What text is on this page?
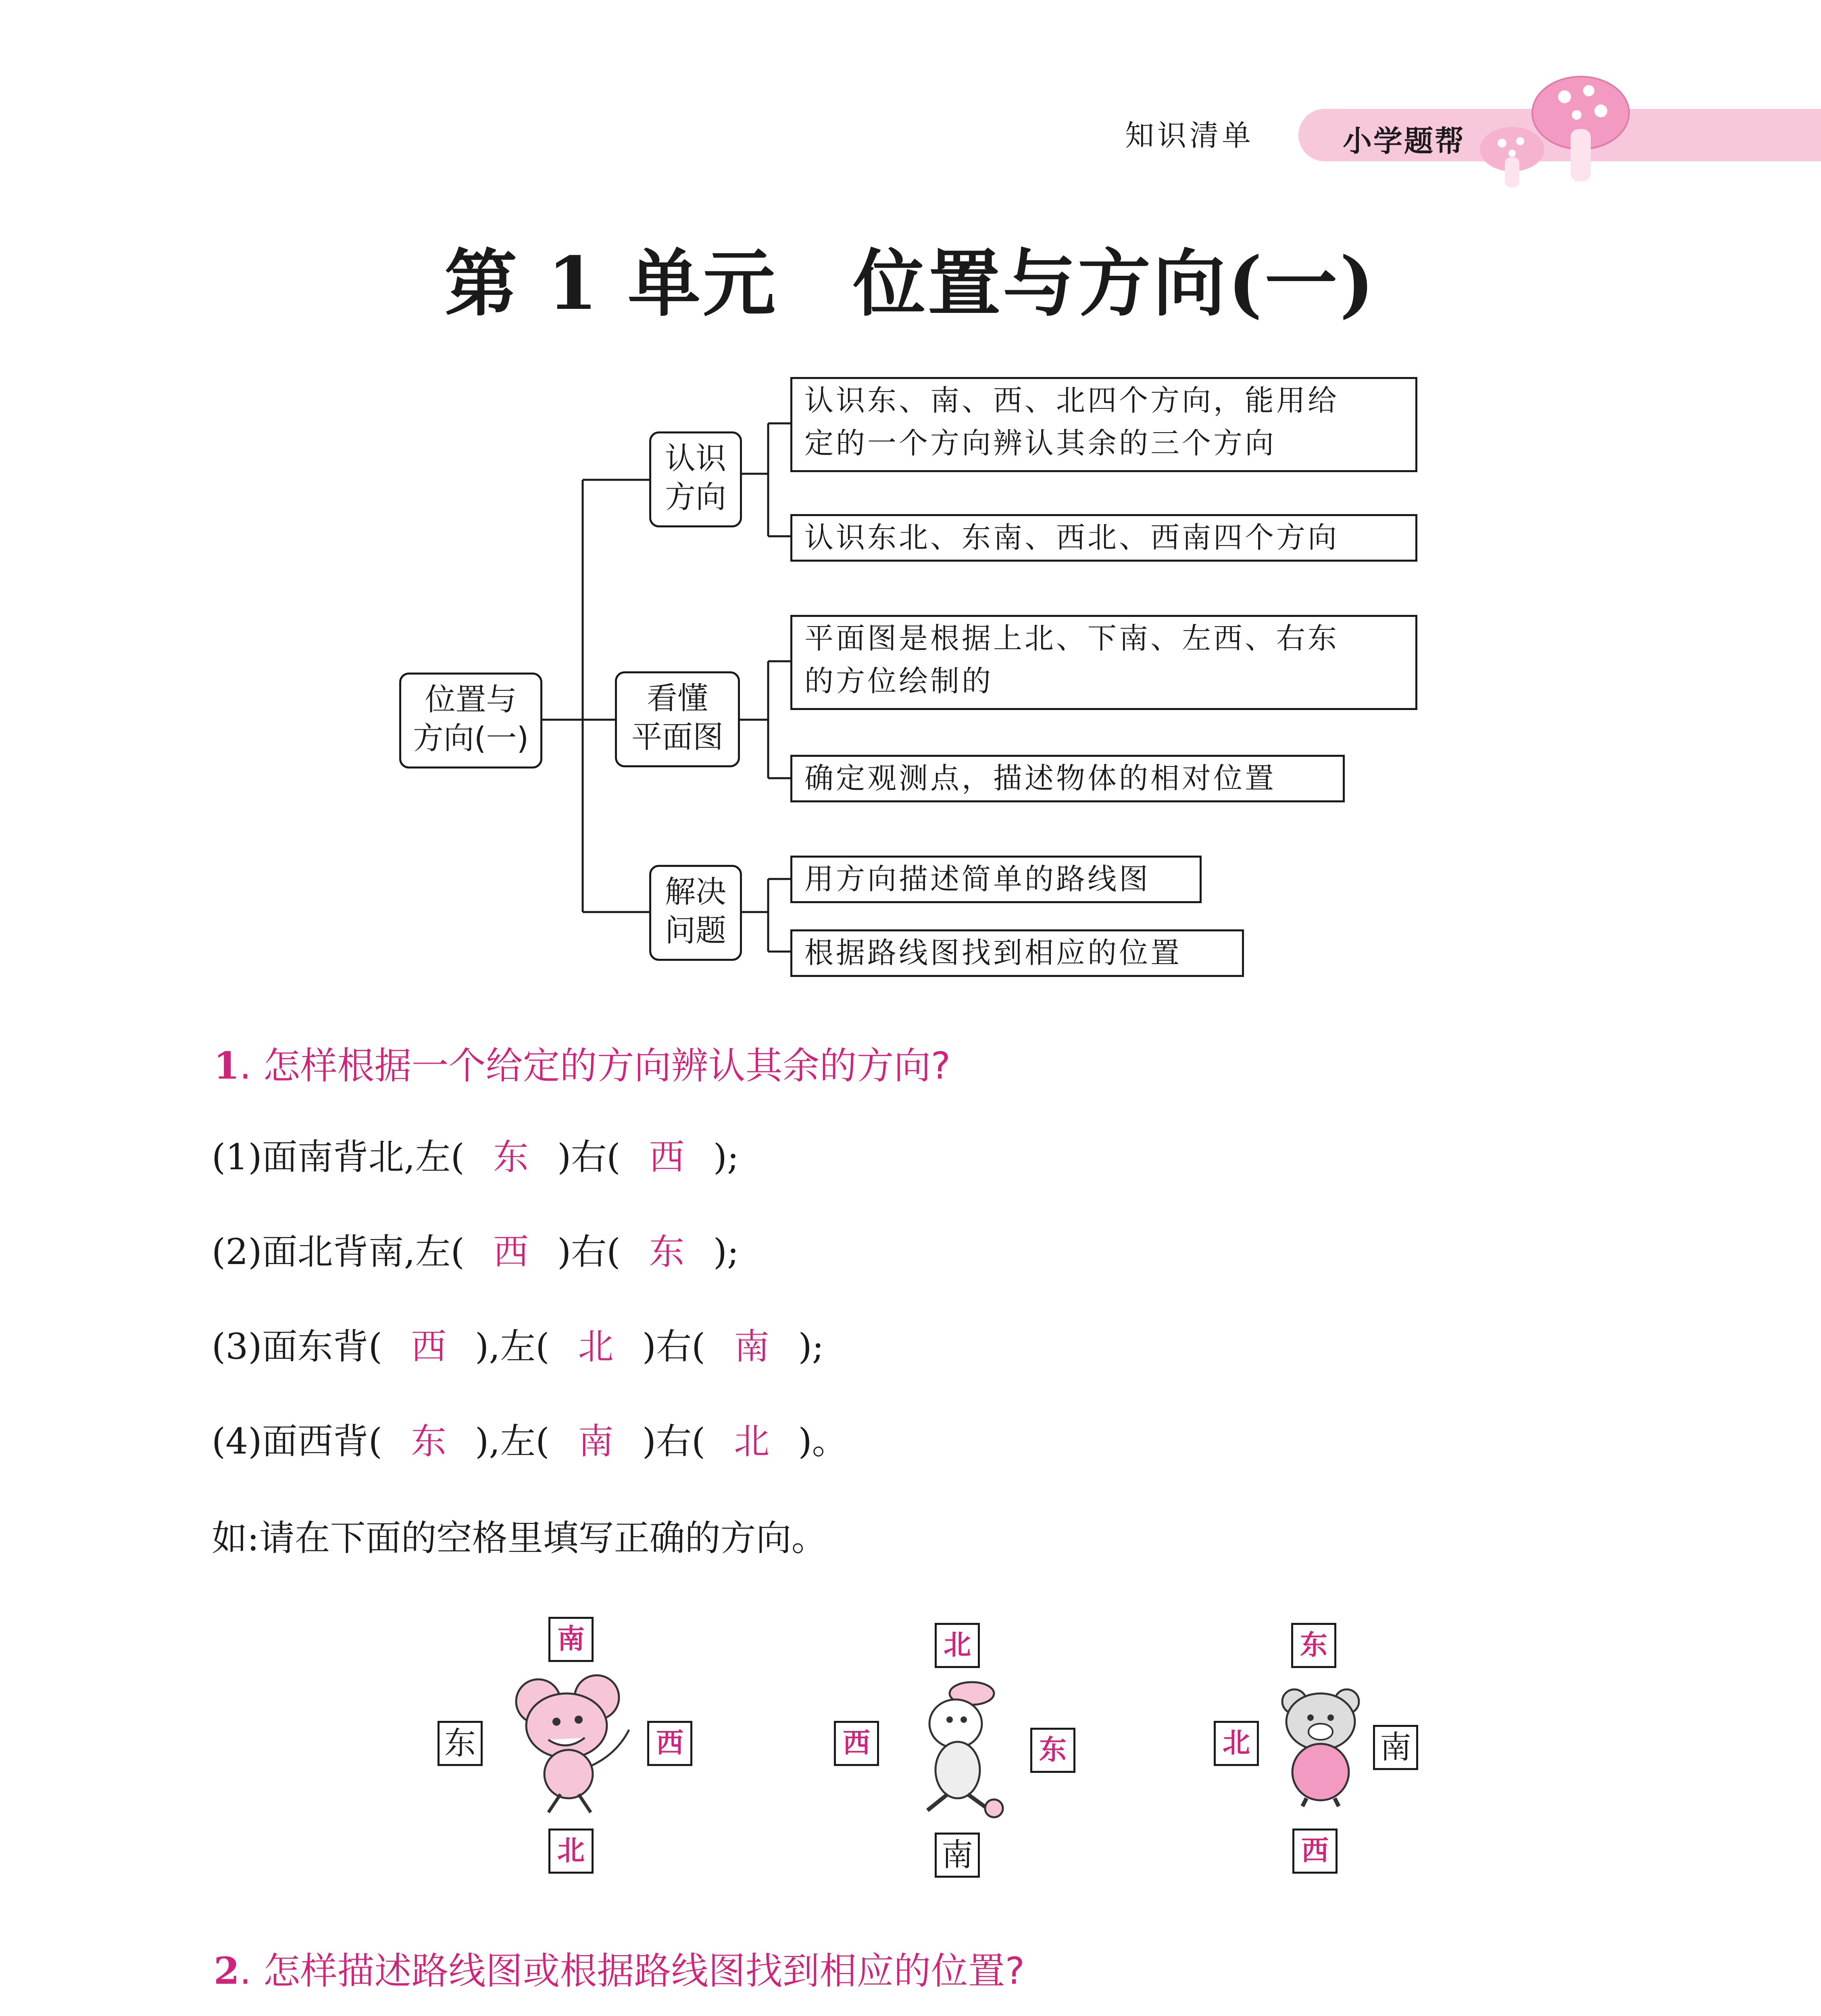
知识清单	小学题帮
第 1 单元　位置与方向(一)
位置与
方向(一)
认识
方向
看懂
平面图
解决
问题
认识东、南、西、北四个方向，能用给
定的一个方向辨认其余的三个方向
认识东北、东南、西北、西南四个方向
平面图是根据上北、下南、左西、右东
的方位绘制的
确定观测点，描述物体的相对位置
用方向描述简单的路线图
根据路线图找到相应的位置
1. 怎样根据一个给定的方向辨认其余的方向?
(1)面南背北,左( 东 )右( 西 );
(2)面北背南,左( 西 )右( 东 );
(3)面东背( 西 ),左( 北 )右( 南 );
(4)面西背( 东 ),左( 南 )右( 北 )。
如:请在下面的空格里填写正确的方向。
南
东	西
北
北
西	东
南
东
北	南
西
2. 怎样描述路线图或根据路线图找到相应的位置?
